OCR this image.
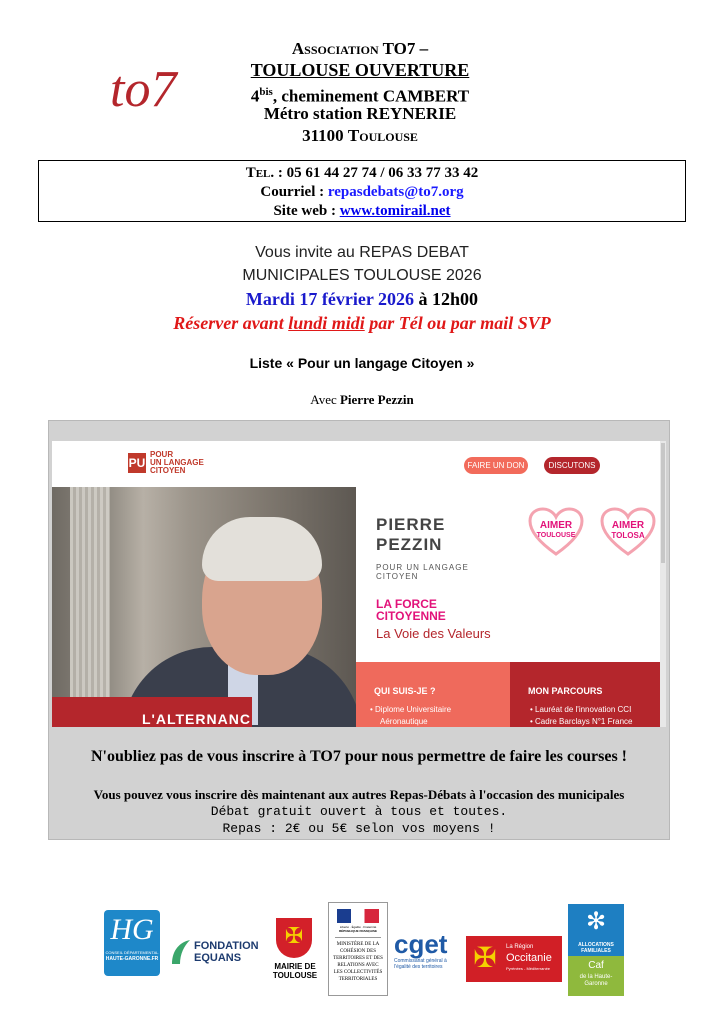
to7
Association TO7 –
TOULOUSE OUVERTURE
$4^{bis}$, cheminement CAMBERT
Métro station REYNERIE
31100 Toulouse
Tel. : 05 61 44 27 74 / 06 33 77 33 42
Courriel : repasdebats@to7.org
Site web : www.tomirail.net
Vous invite au REPAS DEBAT
MUNICIPALES TOULOUSE 2026
Mardi 17 février 2026 à 12h00
Réserver avant lundi midi par Tél ou par mail SVP
Liste « Pour un langage Citoyen »
Avec Pierre Pezzin
PU
POUR
UN LANGAGE
CITOYEN
FAIRE UN DON	DISCUTONS
L'ALTERNANC
PIERRE
PEZZIN
POUR UN LANGAGE
CITOYEN
LA FORCE
CITOYENNE
La Voie des Valeurs
AIMER
TOULOUSE
AIMER
TOLOSA
QUI SUIS-JE ?
• Diplome Universitaire
Aéronautique
MON PARCOURS
• Lauréat de l'innovation CCI
• Cadre Barclays N°1 France
N'oubliez pas de vous inscrire à TO7 pour nous permettre de faire les courses !
Vous pouvez vous inscrire dès maintenant aux autres Repas-Débats à l'occasion des municipales
Débat gratuit ouvert à tous et toutes.
Repas : 2€ ou 5€ selon vos moyens !
HG
CONSEIL DÉPARTEMENTAL
HAUTE-GARONNE.FR
FONDATION
EQUANS
✠
MAIRIE DE
TOULOUSE
Liberté · Égalité · Fraternité
RÉPUBLIQUE FRANÇAISE
MINISTÈRE DE LA COHÉSION DES TERRITOIRES ET DES RELATIONS AVEC LES COLLECTIVITÉS TERRITORIALES
cget
Commissariat général à l'égalité des territoires	✠	La Région
Occitanie
Pyrénées - Méditerranée
✻
ALLOCATIONS FAMILIALES
Caf
de la Haute-Garonne
